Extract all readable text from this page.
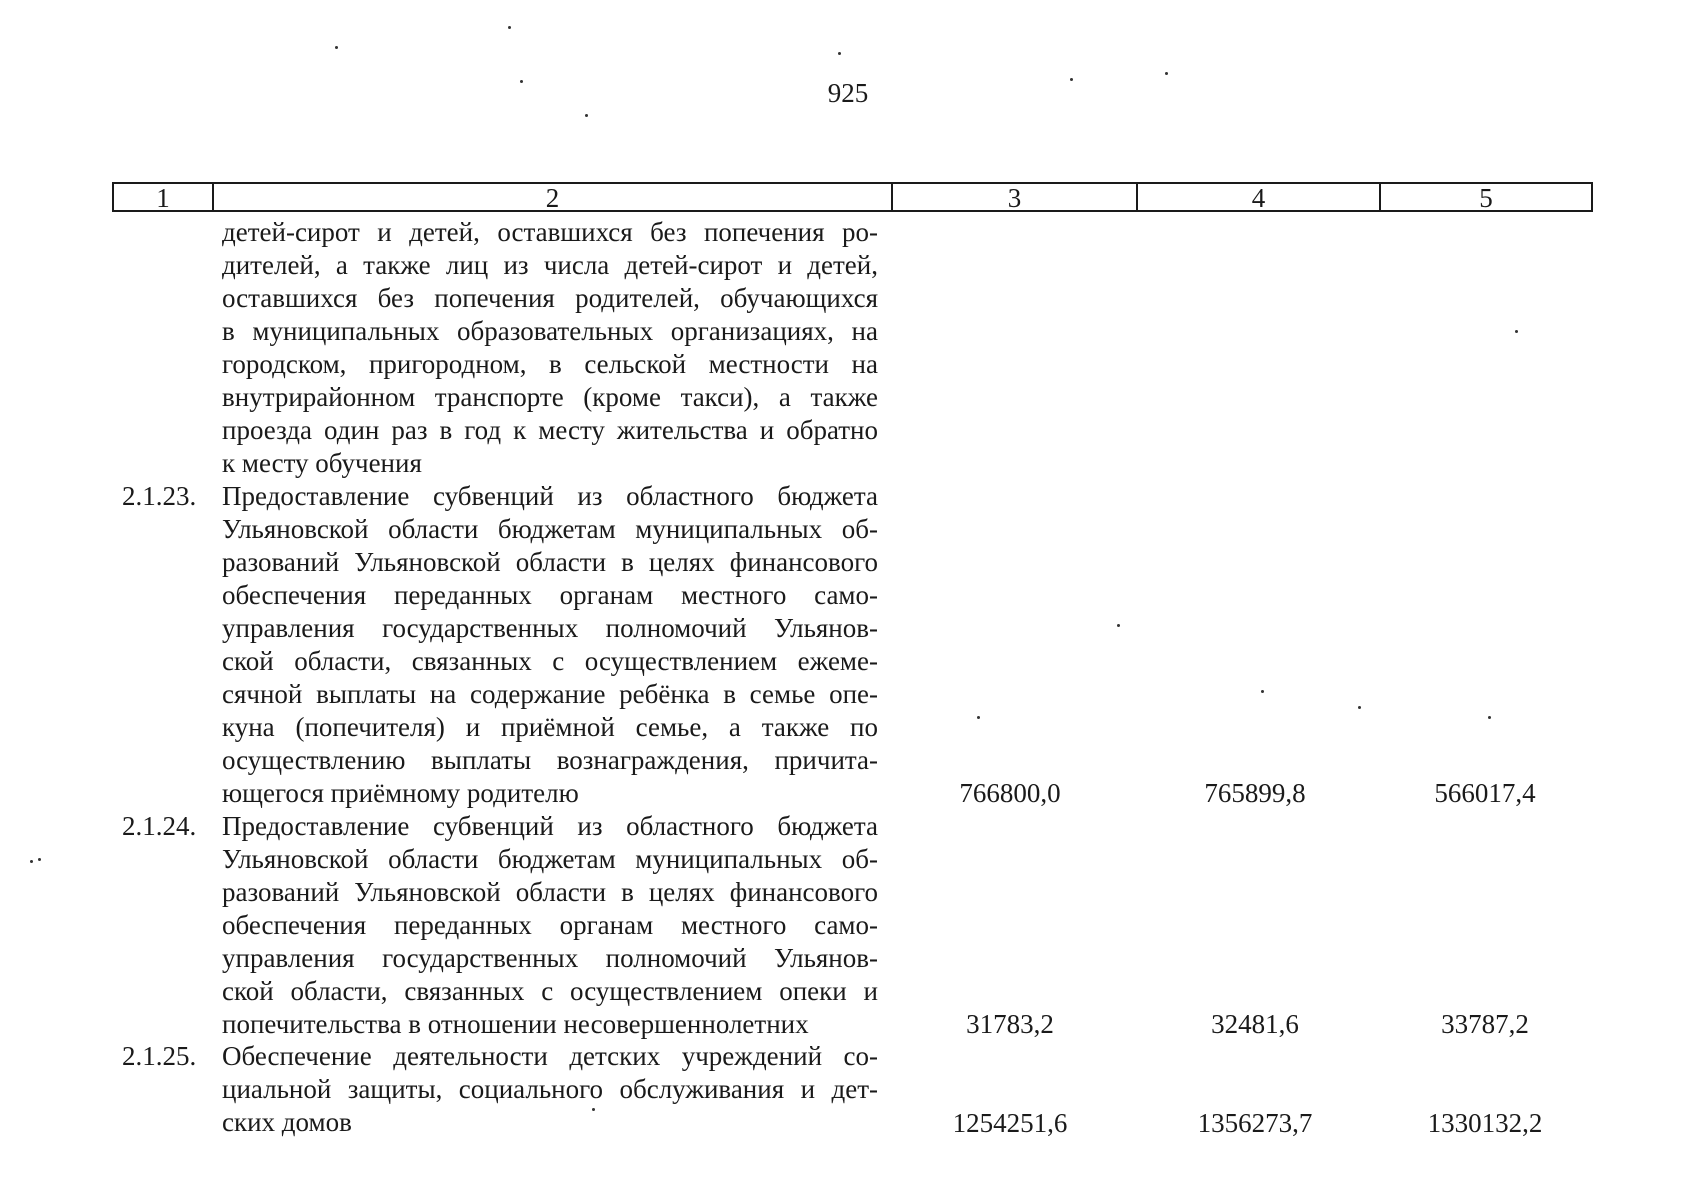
925
1	2	3	4	5
детей-сирот и детей, оставшихся без попечения ро-
дителей, а также лиц из числа детей-сирот и детей,
оставшихся без попечения родителей, обучающихся
в муниципальных образовательных организациях, на
городском, пригородном, в сельской местности на
внутрирайонном транспорте (кроме такси), а также
проезда один раз в год к месту жительства и обратно
к месту обучения
2.1.23. Предоставление субвенций из областного бюджета
Ульяновской области бюджетам муниципальных об-
разований Ульяновской области в целях финансового
обеспечения переданных органам местного само-
управления государственных полномочий Ульянов-
ской области, связанных с осуществлением ежеме-
сячной выплаты на содержание ребёнка в семье опе-
куна (попечителя) и приёмной семье, а также по
осуществлению выплаты вознаграждения, причита-
ющегося приёмному родителю	766800,0	765899,8	566017,4
2.1.24. Предоставление субвенций из областного бюджета
Ульяновской области бюджетам муниципальных об-
разований Ульяновской области в целях финансового
обеспечения переданных органам местного само-
управления государственных полномочий Ульянов-
ской области, связанных с осуществлением опеки и
попечительства в отношении несовершеннолетних	31783,2	32481,6	33787,2
2.1.25. Обеспечение деятельности детских учреждений со-
циальной защиты, социального обслуживания и дет-
ских домов	1254251,6	1356273,7	1330132,2
